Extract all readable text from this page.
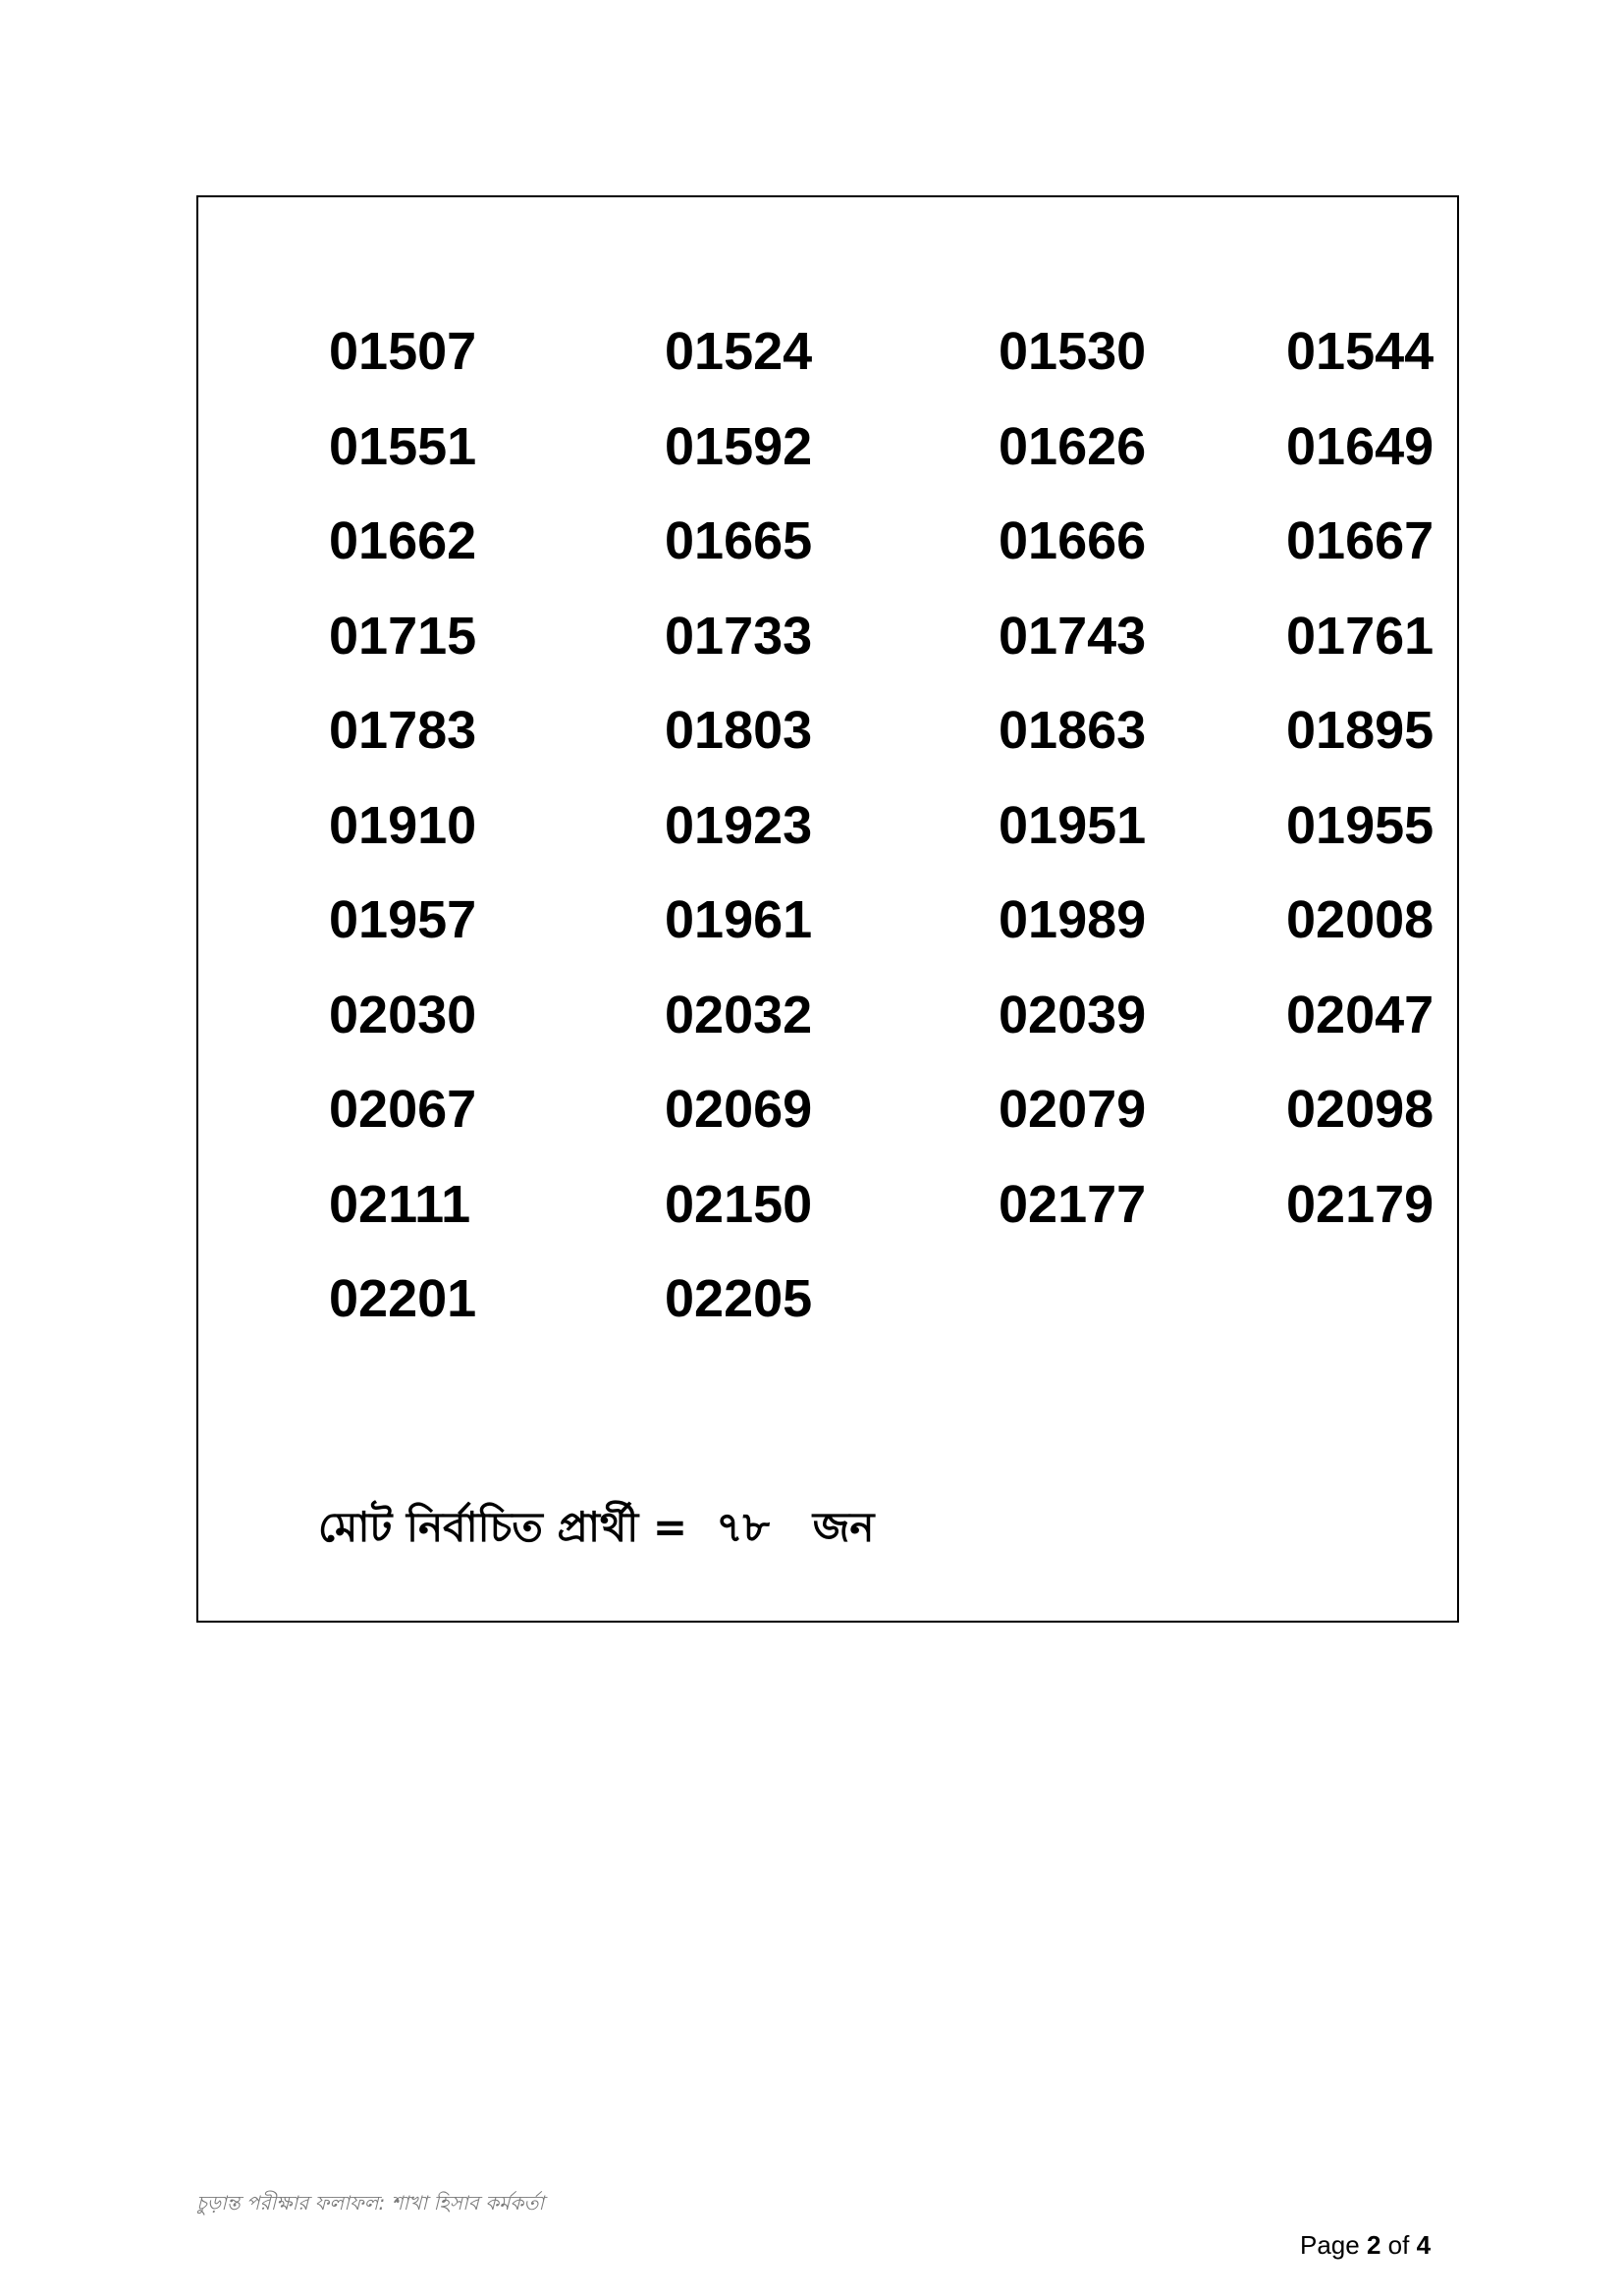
01507	01524	01530	01544
01551	01592	01626	01649
01662	01665	01666	01667
01715	01733	01743	01761
01783	01803	01863	01895
01910	01923	01951	01955
01957	01961	01989	02008
02030	02032	02039	02047
02067	02069	02079	02098
02111	02150	02177	02179
02201	02205
মোট নির্বাচিত প্রার্থী = ৭৮ জন
চুড়ান্ত পরীক্ষার ফলাফল: শাখা হিসাব কর্মকর্তা
Page 2 of 4
